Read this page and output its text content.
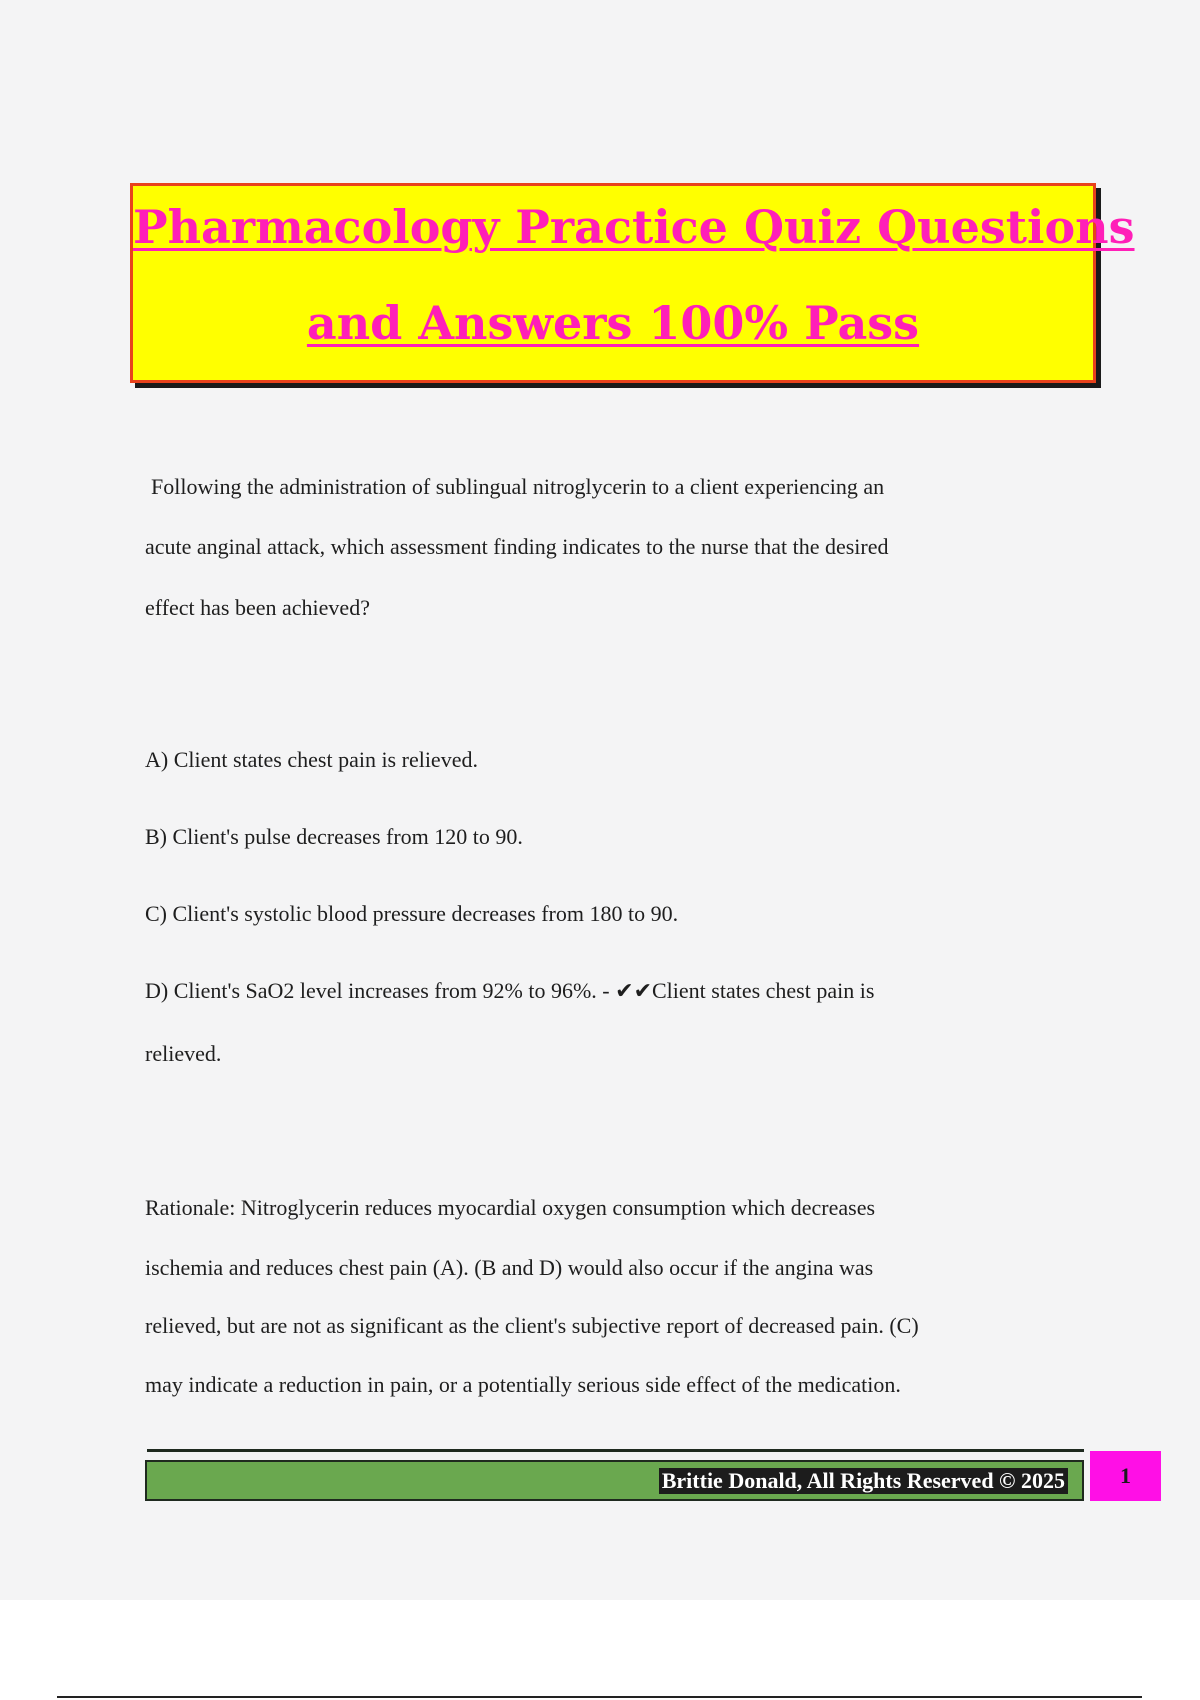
Pharmacology Practice Quiz Questions
and Answers 100% Pass
Following the administration of sublingual nitroglycerin to a client experiencing an
acute anginal attack, which assessment finding indicates to the nurse that the desired
effect has been achieved?
A) Client states chest pain is relieved.
B) Client's pulse decreases from 120 to 90.
C) Client's systolic blood pressure decreases from 180 to 90.
D) Client's SaO2 level increases from 92% to 96%. - ✔✔Client states chest pain is
relieved.
Rationale: Nitroglycerin reduces myocardial oxygen consumption which decreases
ischemia and reduces chest pain (A). (B and D) would also occur if the angina was
relieved, but are not as significant as the client's subjective report of decreased pain. (C)
may indicate a reduction in pain, or a potentially serious side effect of the medication.
Brittie Donald, All Rights Reserved © 2025	1
